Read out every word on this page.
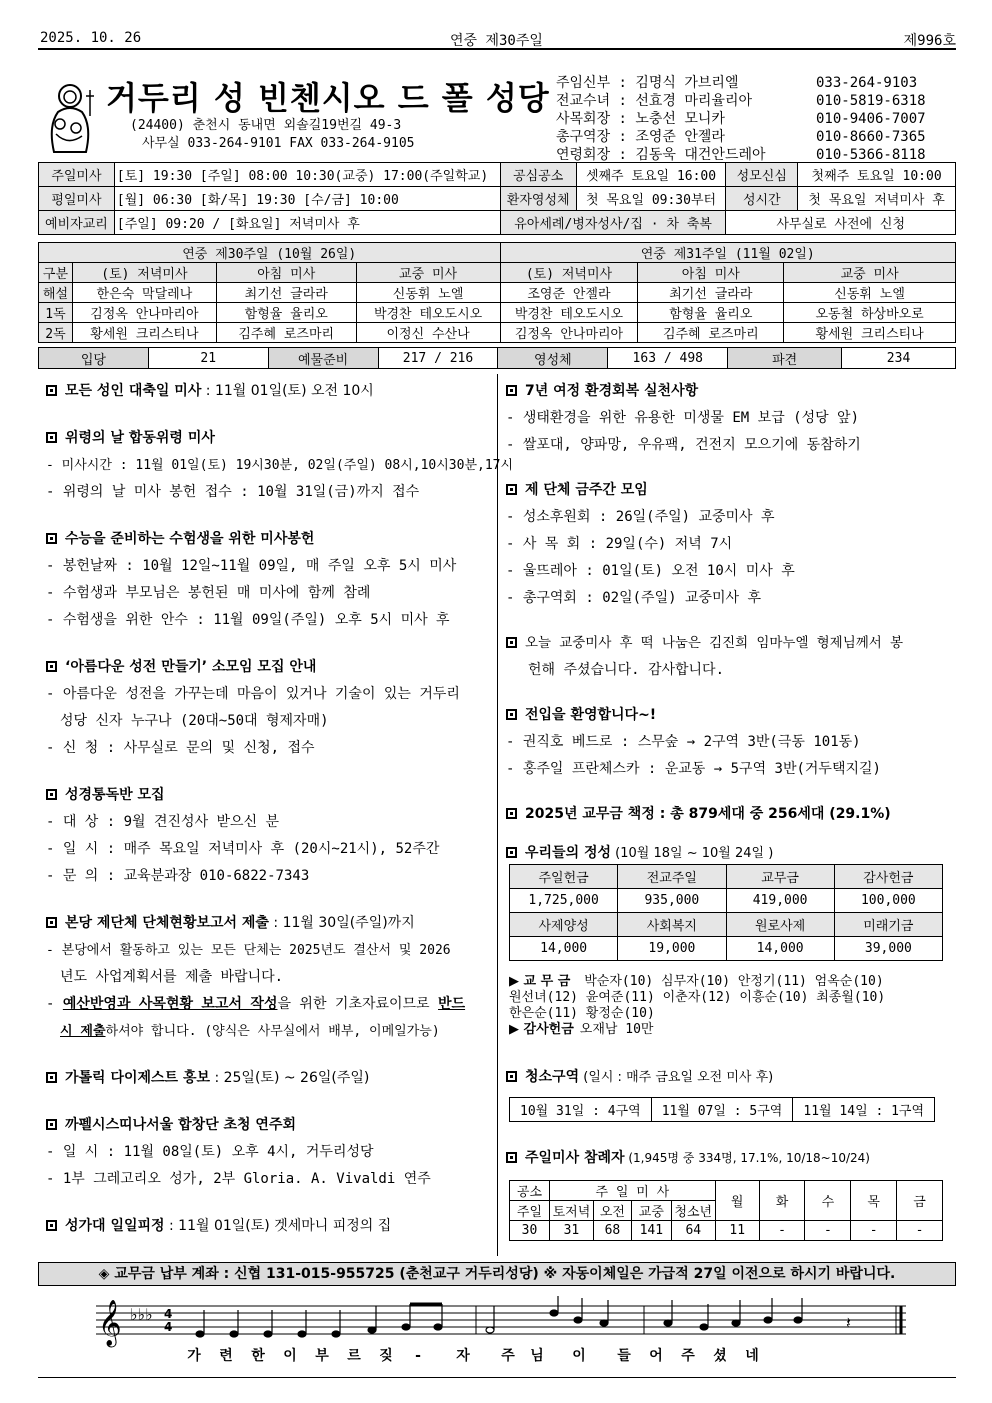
2025. 10. 26	연중 제30주일	제996호
거두리 성 빈첸시오 드 폴 성당
(24400) 춘천시 동내면 외솔길19번길 49-3
사무실 033-264-9101 FAX 033-264-9105
주임신부 : 김명식 가브리엘	033-264-9103
전교수녀 : 선효경 마리율리아	010-5819-6318
사목회장 : 노충선 모니카	010-9406-7007
총구역장 : 조영준 안젤라	010-8660-7365
연령회장 : 김동욱 대건안드레아	010-5366-8118
주일미사	[토] 19:30 [주일] 08:00 10:30(교중) 17:00(주일학교)	공심공소	셋째주 토요일 16:00	성모신심	첫째주 토요일 10:00
평일미사	[월] 06:30 [화/목] 19:30 [수/금] 10:00	환자영성체	첫 목요일 09:30부터	성시간	첫 목요일 저녁미사 후
예비자교리	[주일] 09:20 / [화요일] 저녁미사 후	유아세례/병자성사/집 · 차 축복		사무실로 사전에 신청	
연중 제30주일 (10월 26일)				연중 제31주일 (11월 02일)		
구분	(토) 저녁미사	아침 미사	교중 미사	(토) 저녁미사	아침 미사	교중 미사
해설	한은숙 막달레나	최기선 글라라	신동휘 노엘	조영준 안젤라	최기선 글라라	신동휘 노엘
1독	김정옥 안나마리아	함형율 율리오	박경찬 테오도시오	박경찬 테오도시오	함형율 율리오	오동철 하상바오로
2독	황세원 크리스티나	김주혜 로즈마리	이정신 수산나	김정옥 안나마리아	김주혜 로즈마리	황세원 크리스티나
입당	21	예물준비	217 / 216	영성체	163 / 498	파견	234
모든 성인 대축일 미사 : 11월 01일(토) 오전 10시
위령의 날 합동위령 미사
- 미사시간 : 11월 01일(토) 19시30분, 02일(주일) 08시,10시30분,17시
- 위령의 날 미사 봉헌 접수 : 10월 31일(금)까지 접수
수능을 준비하는 수험생을 위한 미사봉헌
- 봉헌날짜 : 10월 12일~11월 09일, 매 주일 오후 5시 미사
- 수험생과 부모님은 봉헌된 매 미사에 함께 참례
- 수험생을 위한 안수 : 11월 09일(주일) 오후 5시 미사 후
‘아름다운 성전 만들기’ 소모임 모집 안내
- 아름다운 성전을 가꾸는데 마음이 있거나 기술이 있는 거두리
성당 신자 누구나 (20대~50대 형제자매)
- 신 청 : 사무실로 문의 및 신청, 접수
성경통독반 모집
- 대 상 : 9월 견진성사 받으신 분
- 일 시 : 매주 목요일 저녁미사 후 (20시~21시), 52주간
- 문 의 : 교육분과장 010-6822-7343
본당 제단체 단체현황보고서 제출 : 11월 30일(주일)까지
- 본당에서 활동하고 있는 모든 단체는 2025년도 결산서 및 2026
년도 사업계획서를 제출 바랍니다.
- 예산반영과 사목현황 보고서 작성을 위한 기초자료이므로 반드
시 제출하셔야 합니다. (양식은 사무실에서 배부, 이메일가능)
가톨릭 다이제스트 홍보 : 25일(토) ~ 26일(주일)
까펠시스띠나서울 합창단 초청 연주회
- 일 시 : 11월 08일(토) 오후 4시, 거두리성당
- 1부 그레고리오 성가, 2부 Gloria. A. Vivaldi 연주
성가대 일일피정 : 11월 01일(토) 겟세마니 피정의 집
7년 여정 환경회복 실천사항
- 생태환경을 위한 유용한 미생물 EM 보급 (성당 앞)
- 쌀포대, 양파망, 우유팩, 건전지 모으기에 동참하기
제 단체 금주간 모임
- 성소후원회 : 26일(주일) 교중미사 후
- 사 목 회 : 29일(수) 저녁 7시
- 울뜨레아 : 01일(토) 오전 10시 미사 후
- 총구역회 : 02일(주일) 교중미사 후
오늘 교중미사 후 떡 나눔은 김진희 임마누엘 형제님께서 봉
헌해 주셨습니다. 감사합니다.
전입을 환영합니다~!
- 권직호 베드로 : 스무숲 → 2구역 3반(극동 101동)
- 홍주일 프란체스카 : 운교동 → 5구역 3반(거두택지길)
2025년 교무금 책정 : 총 879세대 중 256세대 (29.1%)
우리들의 정성 (10월 18일 ~ 10월 24일 )
주일헌금	전교주일	교무금	감사헌금
1,725,000	935,000	419,000	100,000
사제양성	사회복지	원로사제	미래기금
14,000	19,000	14,000	39,000
▶ 교 무 금 박순자(10) 심무자(10) 안정기(11) 엄옥순(10)
원선녀(12) 윤여준(11) 이춘자(12) 이흥순(10) 최종월(10)
한은순(11) 황정순(10)
▶ 감사헌금 오재남 10만
청소구역 (일시 : 매주 금요일 오전 미사 후)
10월 31일 : 4구역	11월 07일 : 5구역	11월 14일 : 1구역
주일미사 참례자 (1,945명 중 334명, 17.1%, 10/18~10/24)
공소	주 일 미 사				월	화	수	목	금
주일	토저녁	오전	교중	청소년					
30	31	68	141	64	11	-	-	-	-
◈ 교무금 납부 계좌 : 신협 131-015-955725 (춘천교구 거두리성당) ※ 자동이체일은 가급적 27일 이전으로 하시기 바랍니다.
𝄞 ♭♭♭ 4
4	𝄽
가 련 한 이 부 르 짖 -	자 주 님 이 들 어 주 셨 네
